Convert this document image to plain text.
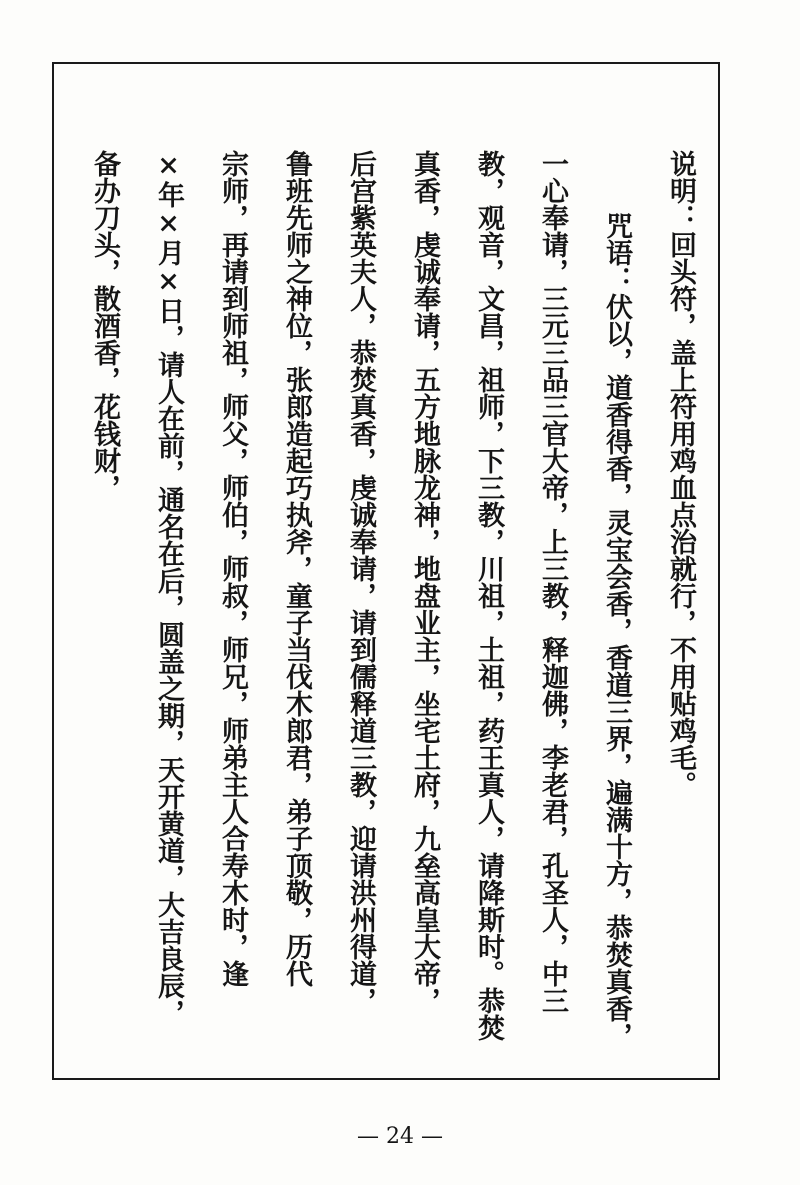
说明：回头符，盖上符用鸡血点治就行，不用贴鸡毛。
咒语：伏以，道香得香，灵宝会香，香道三界，遍满十方，恭焚真香，
一心奉请，三元三品三官大帝，上三教，释迦佛，李老君，孔圣人，中三
教，观音，文昌，祖师，下三教，川祖，土祖，药王真人，请降斯时。恭焚
真香，虔诚奉请，五方地脉龙神，地盘业主，坐宅土府，九垒高皇大帝，
后宫紫英夫人，恭焚真香，虔诚奉请，请到儒释道三教，迎请洪州得道，
鲁班先师之神位，张郎造起巧执斧，童子当伐木郎君，弟子顶敬，历代
宗师，再请到师祖，师父，师伯，师叔，师兄，师弟主人合寿木时，逢
×年×月×日，请人在前，通名在后，圆盖之期，天开黄道，大吉良辰，
备办刀头，散酒香，花钱财，
— 24 —
